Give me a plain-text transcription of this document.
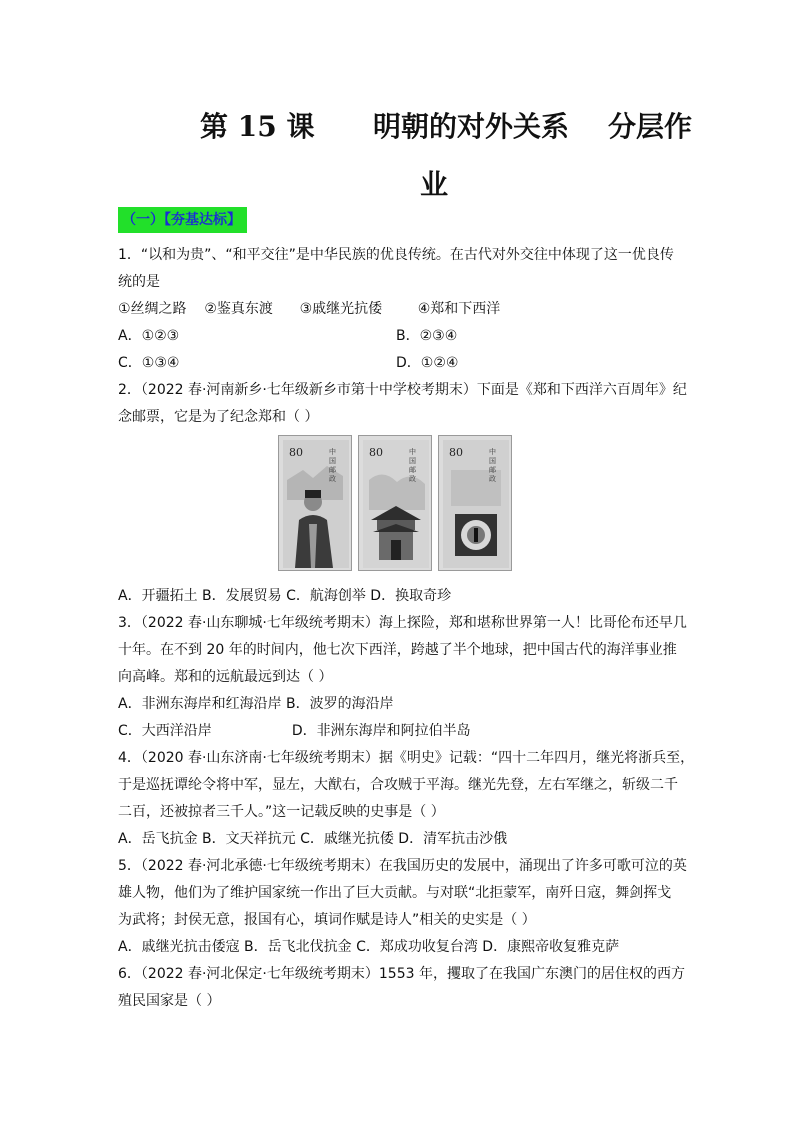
第 15 课      明朝的对外关系    分层作
业
（一）【夯基达标】
1．“以和为贵”、“和平交往”是中华民族的优良传统。在古代对外交往中体现了这一优良传
统的是
①丝绸之路    ②鉴真东渡      ③戚继光抗倭        ④郑和下西洋
A．①②③	B．②③④
C．①③④	D．①②④
2．（2022 春·河南新乡·七年级新乡市第十中学校考期末）下面是《郑和下西洋六百周年》纪
念邮票，它是为了纪念郑和（ ）
80	中国邮政
80	中国邮政
80	中国邮政
A．开疆拓土 B．发展贸易 C．航海创举 D．换取奇珍
3．（2022 春·山东聊城·七年级统考期末）海上探险，郑和堪称世界第一人！比哥伦布还早几
十年。在不到 20 年的时间内，他七次下西洋，跨越了半个地球，把中国古代的海洋事业推
向高峰。郑和的远航最远到达（ ）
A．非洲东海岸和红海沿岸 B．波罗的海沿岸
C．大西洋沿岸                  D．非洲东海岸和阿拉伯半岛
4．（2020 春·山东济南·七年级统考期末）据《明史》记载：“四十二年四月，继光将浙兵至，
于是巡抚谭纶令将中军，显左，大猷右，合攻贼于平海。继光先登，左右军继之，斩级二千
二百，还被掠者三千人。”这一记载反映的史事是（ ）
A．岳飞抗金 B．文天祥抗元 C．戚继光抗倭 D．清军抗击沙俄
5．（2022 春·河北承德·七年级统考期末）在我国历史的发展中，涌现出了许多可歌可泣的英
雄人物，他们为了维护国家统一作出了巨大贡献。与对联“北拒蒙军，南歼日寇，舞剑挥戈
为武将；封侯无意，报国有心，填词作赋是诗人”相关的史实是（ ）
A．戚继光抗击倭寇 B．岳飞北伐抗金 C．郑成功收复台湾 D．康熙帝收复雅克萨
6．（2022 春·河北保定·七年级统考期末）1553 年，攫取了在我国广东澳门的居住权的西方
殖民国家是（ ）
